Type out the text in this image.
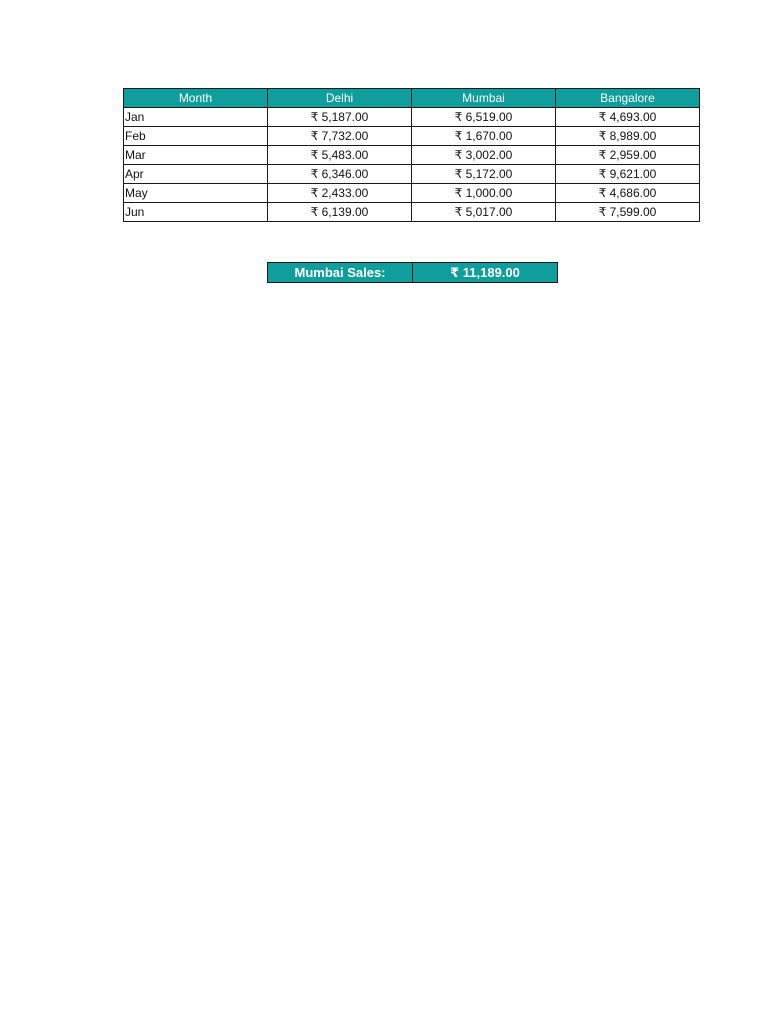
Month	Delhi	Mumbai	Bangalore
Jan	₹ 5,187.00	₹ 6,519.00	₹ 4,693.00
Feb	₹ 7,732.00	₹ 1,670.00	₹ 8,989.00
Mar	₹ 5,483.00	₹ 3,002.00	₹ 2,959.00
Apr	₹ 6,346.00	₹ 5,172.00	₹ 9,621.00
May	₹ 2,433.00	₹ 1,000.00	₹ 4,686.00
Jun	₹ 6,139.00	₹ 5,017.00	₹ 7,599.00
Mumbai Sales:	₹ 11,189.00
